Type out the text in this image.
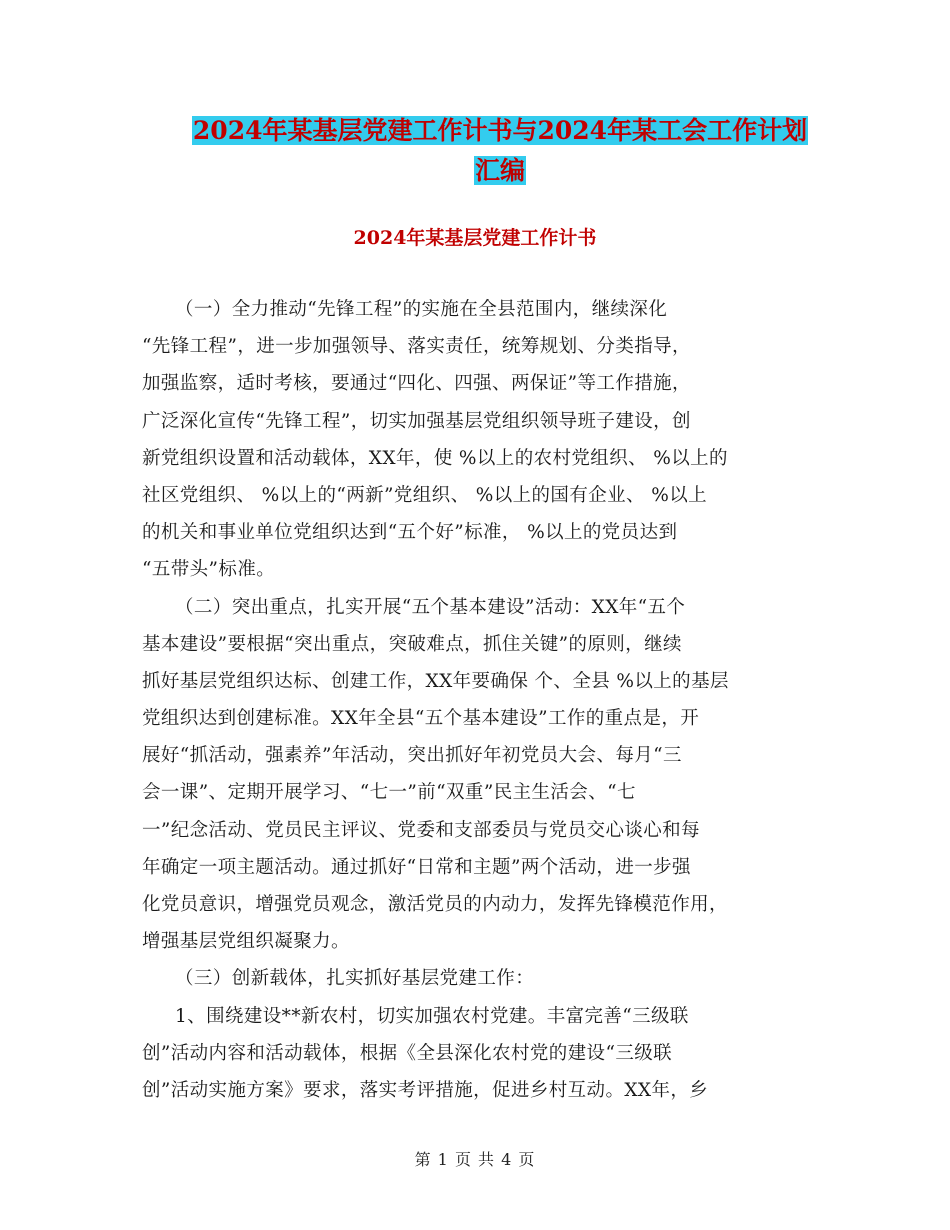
2024年某基层党建工作计书与2024年某工会工作计划
汇编
2024年某基层党建工作计书
（一）全力推动“先锋工程”的实施在全县范围内，继续深化
“先锋工程”，进一步加强领导、落实责任，统筹规划、分类指导，
加强监察，适时考核，要通过“四化、四强、两保证”等工作措施，
广泛深化宣传“先锋工程”，切实加强基层党组织领导班子建设，创
新党组织设置和活动载体，XX年，使 %以上的农村党组织、 %以上的
社区党组织、 %以上的“两新”党组织、 %以上的国有企业、 %以上
的机关和事业单位党组织达到“五个好”标准， %以上的党员达到
“五带头”标准。
（二）突出重点，扎实开展“五个基本建设”活动：XX年“五个
基本建设”要根据“突出重点，突破难点，抓住关键”的原则，继续
抓好基层党组织达标、创建工作，XX年要确保 个、全县 %以上的基层
党组织达到创建标准。XX年全县“五个基本建设”工作的重点是，开
展好“抓活动，强素养”年活动，突出抓好年初党员大会、每月“三
会一课”、定期开展学习、“七一”前“双重”民主生活会、“七
一”纪念活动、党员民主评议、党委和支部委员与党员交心谈心和每
年确定一项主题活动。通过抓好“日常和主题”两个活动，进一步强
化党员意识，增强党员观念，激活党员的内动力，发挥先锋模范作用，
增强基层党组织凝聚力。
（三）创新载体，扎实抓好基层党建工作：
1、围绕建设**新农村，切实加强农村党建。丰富完善“三级联
创”活动内容和活动载体，根据《全县深化农村党的建设“三级联
创”活动实施方案》要求，落实考评措施，促进乡村互动。XX年，乡
第 1 页 共 4 页
